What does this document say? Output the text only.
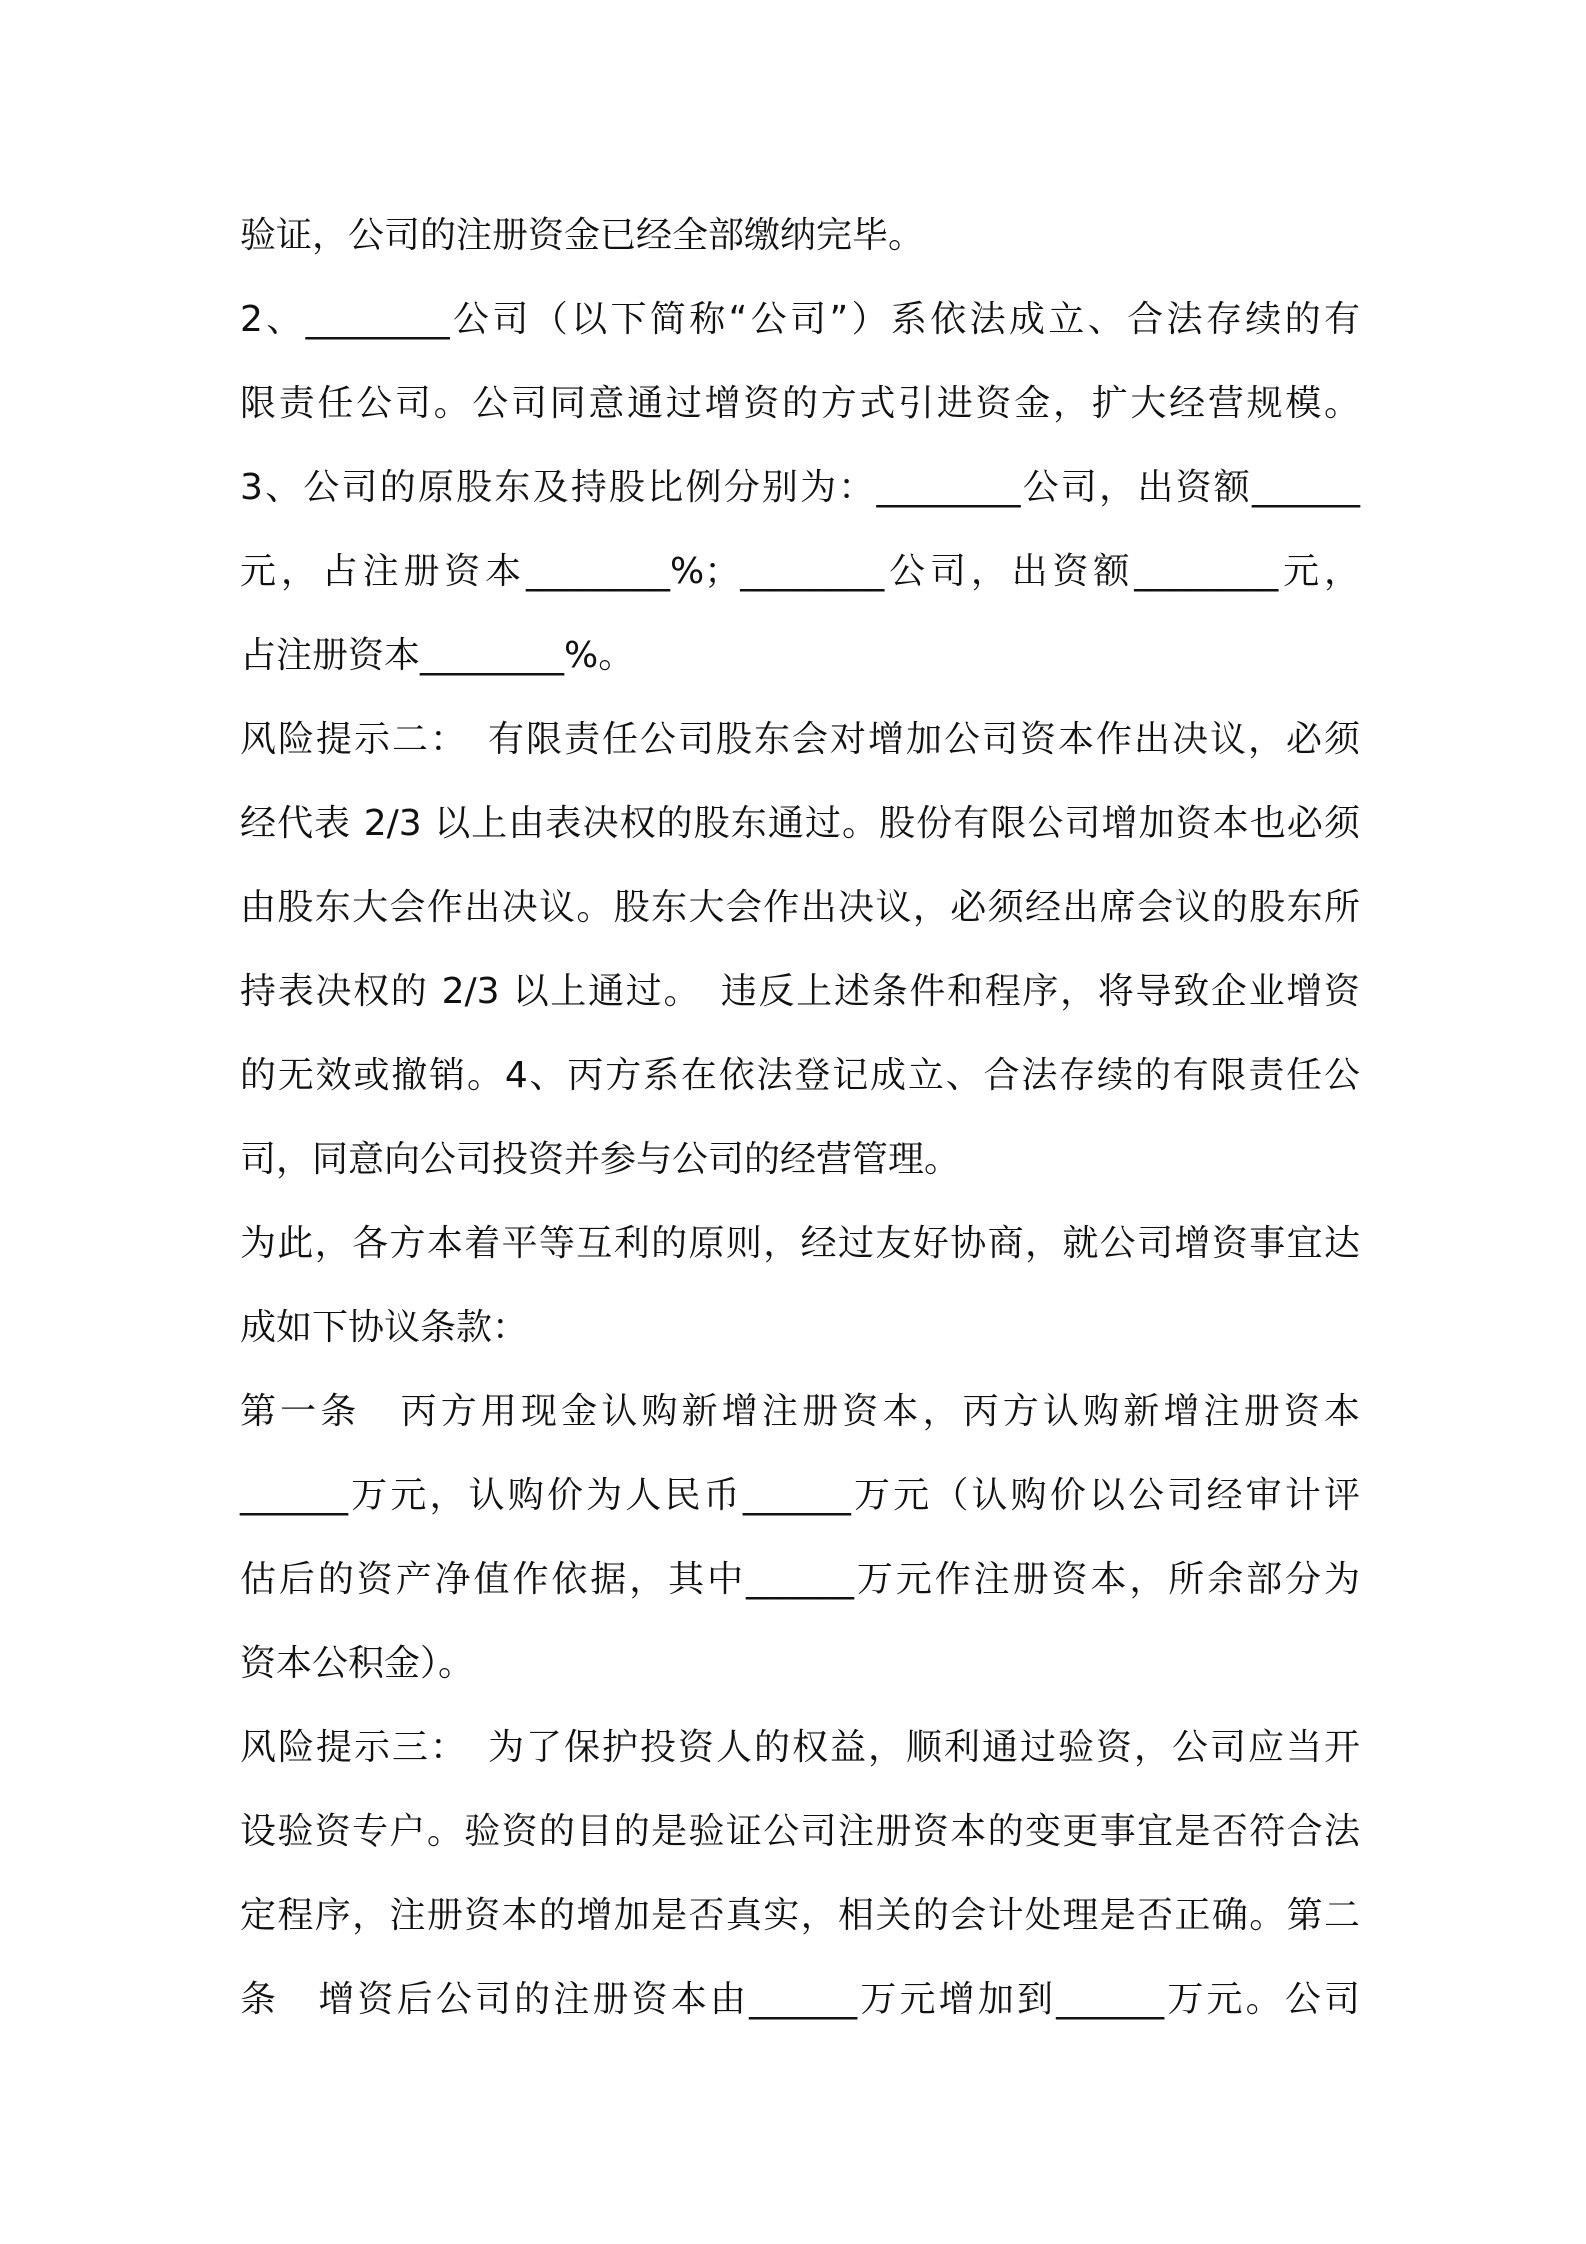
验证，公司的注册资金已经全部缴纳完毕。
2、________公司（以下简称“公司”）系依法成立、合法存续的有
限责任公司。公司同意通过增资的方式引进资金，扩大经营规模。
3、公司的原股东及持股比例分别为：________公司，出资额______
元，占注册资本________%；________公司，出资额________元，
占注册资本________%。
风险提示二：　有限责任公司股东会对增加公司资本作出决议，必须
经代表 2/3 以上由表决权的股东通过。股份有限公司增加资本也必须
由股东大会作出决议。股东大会作出决议，必须经出席会议的股东所
持表决权的 2/3 以上通过。　违反上述条件和程序，将导致企业增资
的无效或撤销。4、丙方系在依法登记成立、合法存续的有限责任公
司，同意向公司投资并参与公司的经营管理。
为此，各方本着平等互利的原则，经过友好协商，就公司增资事宜达
成如下协议条款：
第一条　丙方用现金认购新增注册资本，丙方认购新增注册资本
______万元，认购价为人民币______万元（认购价以公司经审计评
估后的资产净值作依据，其中______万元作注册资本，所余部分为
资本公积金）。
风险提示三：　为了保护投资人的权益，顺利通过验资，公司应当开
设验资专户。验资的目的是验证公司注册资本的变更事宜是否符合法
定程序，注册资本的增加是否真实，相关的会计处理是否正确。第二
条　增资后公司的注册资本由______万元增加到______万元。公司
